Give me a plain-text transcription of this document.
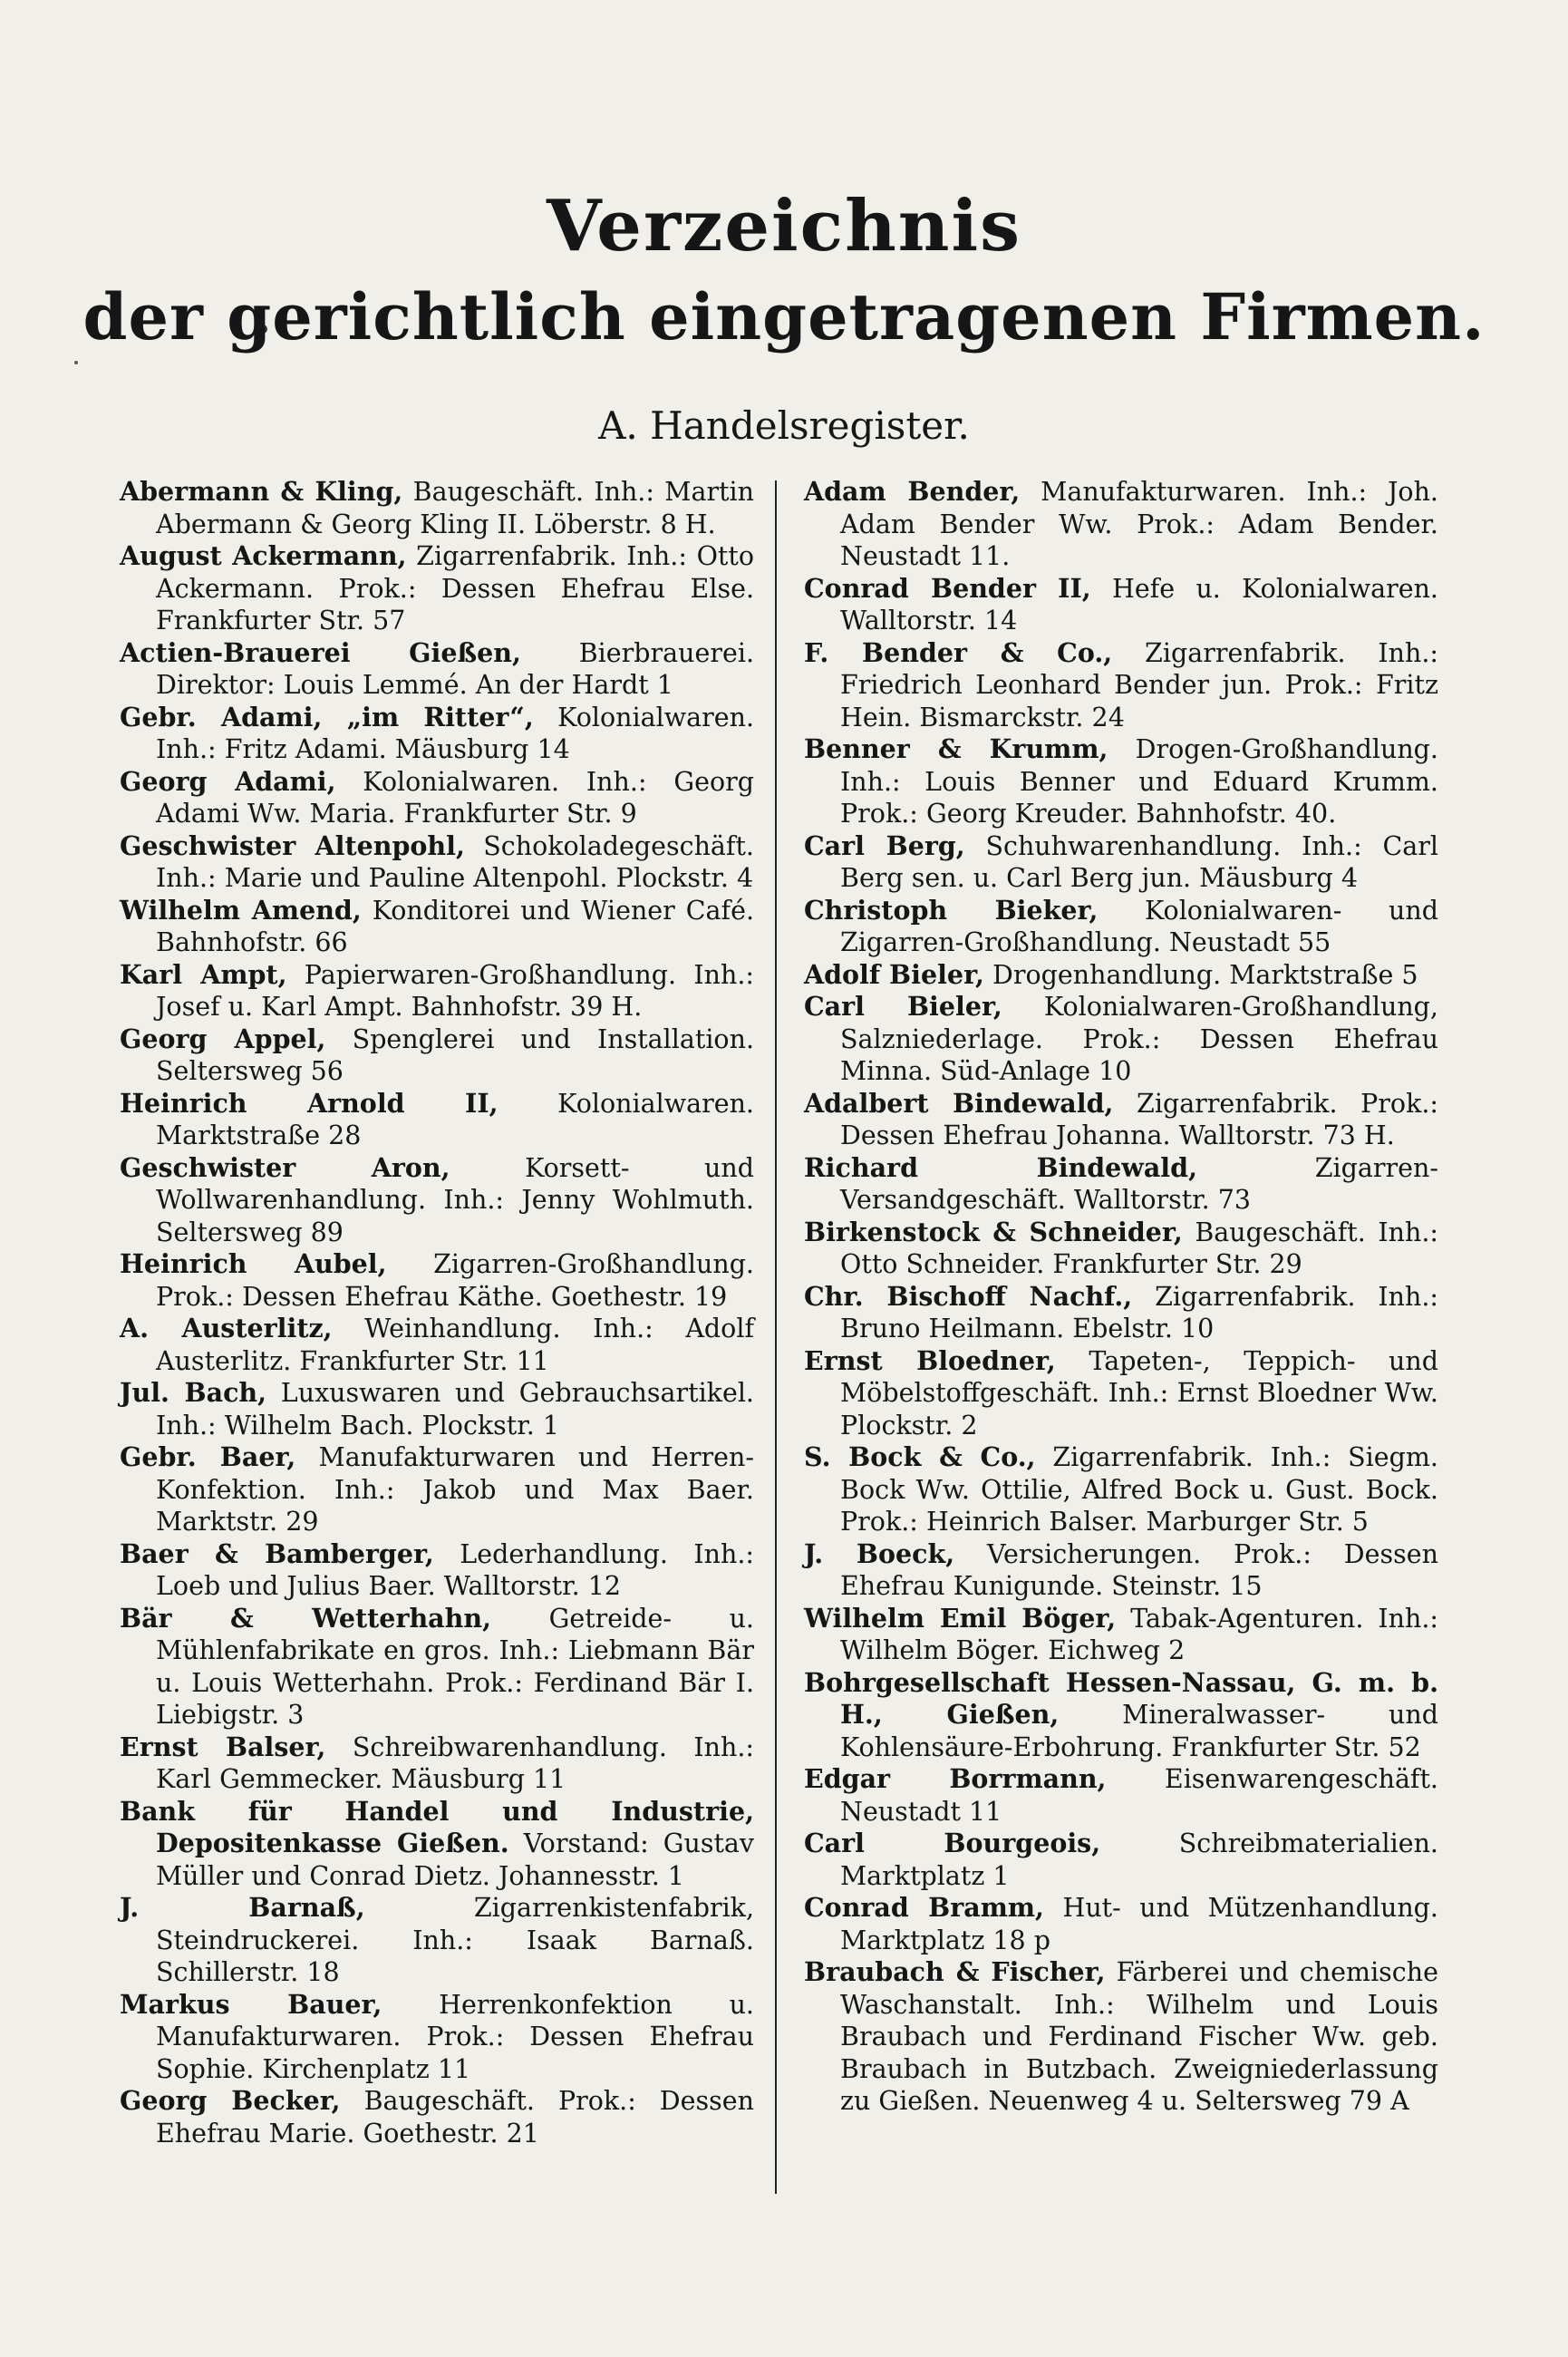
Verzeichnis

der gerichtlich eingetragenen Firmen.

A. Handelsregister.

Abermann & Kling, Baugeschäft. Inh.: Martin Abermann & Georg Kling II. Löberstr. 8 H.

August Ackermann, Zigarrenfabrik. Inh.: Otto Ackermann. Prok.: Dessen Ehefrau Else. Frankfurter Str. 57

Actien-Brauerei Gießen, Bierbrauerei. Direktor: Louis Lemmé. An der Hardt 1

Gebr. Adami, „im Ritter“, Kolonialwaren. Inh.: Fritz Adami. Mäusburg 14

Georg Adami, Kolonialwaren. Inh.: Georg Adami Ww. Maria. Frankfurter Str. 9

Geschwister Altenpohl, Schokoladegeschäft. Inh.: Marie und Pauline Altenpohl. Plockstr. 4

Wilhelm Amend, Konditorei und Wiener Café. Bahnhofstr. 66

Karl Ampt, Papierwaren-Großhandlung. Inh.: Josef u. Karl Ampt. Bahnhofstr. 39 H.

Georg Appel, Spenglerei und Installation. Seltersweg 56

Heinrich Arnold II, Kolonialwaren. Marktstraße 28

Geschwister Aron, Korsett- und Wollwarenhandlung. Inh.: Jenny Wohlmuth. Seltersweg 89

Heinrich Aubel, Zigarren-Großhandlung. Prok.: Dessen Ehefrau Käthe. Goethestr. 19

A. Austerlitz, Weinhandlung. Inh.: Adolf Austerlitz. Frankfurter Str. 11

Jul. Bach, Luxuswaren und Gebrauchsartikel. Inh.: Wilhelm Bach. Plockstr. 1

Gebr. Baer, Manufakturwaren und Herren-Konfektion. Inh.: Jakob und Max Baer. Marktstr. 29

Baer & Bamberger, Lederhandlung. Inh.: Loeb und Julius Baer. Walltorstr. 12

Bär & Wetterhahn, Getreide- u. Mühlenfabrikate en gros. Inh.: Liebmann Bär u. Louis Wetterhahn. Prok.: Ferdinand Bär I. Liebigstr. 3

Ernst Balser, Schreibwarenhandlung. Inh.: Karl Gemmecker. Mäusburg 11

Bank für Handel und Industrie, Depositenkasse Gießen. Vorstand: Gustav Müller und Conrad Dietz. Johannesstr. 1

J. Barnaß, Zigarrenkistenfabrik, Steindruckerei. Inh.: Isaak Barnaß. Schillerstr. 18

Markus Bauer, Herrenkonfektion u. Manufakturwaren. Prok.: Dessen Ehefrau Sophie. Kirchenplatz 11

Georg Becker, Baugeschäft. Prok.: Dessen Ehefrau Marie. Goethestr. 21

Adam Bender, Manufakturwaren. Inh.: Joh. Adam Bender Ww. Prok.: Adam Bender. Neustadt 11.

Conrad Bender II, Hefe u. Kolonialwaren. Walltorstr. 14

F. Bender & Co., Zigarrenfabrik. Inh.: Friedrich Leonhard Bender jun. Prok.: Fritz Hein. Bismarckstr. 24

Benner & Krumm, Drogen-Großhandlung. Inh.: Louis Benner und Eduard Krumm. Prok.: Georg Kreuder. Bahnhofstr. 40.

Carl Berg, Schuhwarenhandlung. Inh.: Carl Berg sen. u. Carl Berg jun. Mäusburg 4

Christoph Bieker, Kolonialwaren- und Zigarren-Großhandlung. Neustadt 55

Adolf Bieler, Drogenhandlung. Marktstraße 5

Carl Bieler, Kolonialwaren-Großhandlung, Salzniederlage. Prok.: Dessen Ehefrau Minna. Süd-Anlage 10

Adalbert Bindewald, Zigarrenfabrik. Prok.: Dessen Ehefrau Johanna. Walltorstr. 73 H.

Richard Bindewald, Zigarren-Versandgeschäft. Walltorstr. 73

Birkenstock & Schneider, Baugeschäft. Inh.: Otto Schneider. Frankfurter Str. 29

Chr. Bischoff Nachf., Zigarrenfabrik. Inh.: Bruno Heilmann. Ebelstr. 10

Ernst Bloedner, Tapeten-, Teppich- und Möbelstoffgeschäft. Inh.: Ernst Bloedner Ww. Plockstr. 2

S. Bock & Co., Zigarrenfabrik. Inh.: Siegm. Bock Ww. Ottilie, Alfred Bock u. Gust. Bock. Prok.: Heinrich Balser. Marburger Str. 5

J. Boeck, Versicherungen. Prok.: Dessen Ehefrau Kunigunde. Steinstr. 15

Wilhelm Emil Böger, Tabak-Agenturen. Inh.: Wilhelm Böger. Eichweg 2

Bohrgesellschaft Hessen-Nassau, G. m. b. H., Gießen, Mineralwasser- und Kohlensäure-Erbohrung. Frankfurter Str. 52

Edgar Borrmann, Eisenwarengeschäft. Neustadt 11

Carl Bourgeois, Schreibmaterialien. Marktplatz 1

Conrad Bramm, Hut- und Mützenhandlung. Marktplatz 18 p

Braubach & Fischer, Färberei und chemische Waschanstalt. Inh.: Wilhelm und Louis Braubach und Ferdinand Fischer Ww. geb. Braubach in Butzbach. Zweigniederlassung zu Gießen. Neuenweg 4 u. Seltersweg 79 A
